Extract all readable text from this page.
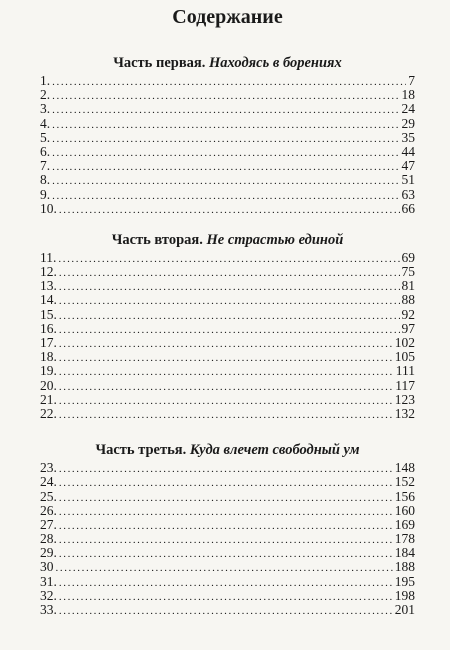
Содержание
Часть первая. Находясь в борениях
1. .....	7
2. .....	18
3. .....	24
4. .....	29
5. .....	35
6. .....	44
7. .....	47
8. .....	51
9. .....	63
10. .....	66
Часть вторая. Не страстью единой
11. .....	69
12. .....	75
13. .....	81
14. .....	88
15. .....	92
16. .....	97
17. .....	102
18. .....	105
19. .....	111
20. .....	117
21. .....	123
22. .....	132
Часть третья. Куда влечет свободный ум
23. .....	148
24. .....	152
25. .....	156
26. .....	160
27. .....	169
28. .....	178
29. .....	184
30 .....	188
31. .....	195
32. .....	198
33. .....	201
